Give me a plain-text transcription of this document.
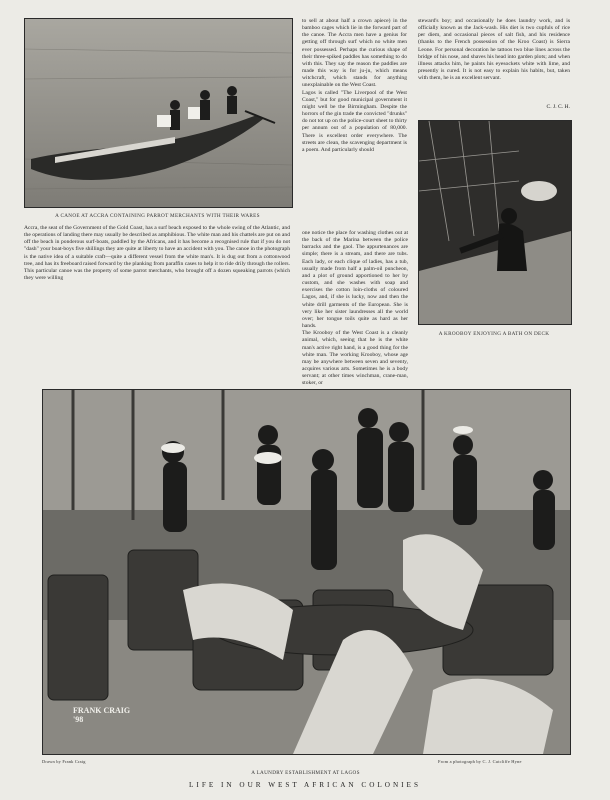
A CANOE AT ACCRA CONTAINING PARROT MERCHANTS WITH THEIR WARES
A KROOBOY ENJOYING A BATH ON DECK

Accra, the seat of the Government of the Gold Coast, has a surf beach exposed to the whole swing of the Atlantic, and the operations of landing there may usually be described as amphibious. The white man and his chattels are put on and off the beach in ponderous surf-boats, paddled by the Africans, and it has become a recognised rule that if you do not "dash" your boat-boys five shillings they are quite at liberty to have an accident with you. The canoe in the photograph is the native idea of a suitable craft—quite a different vessel from the white man's. It is dug out from a cottonwood tree, and has its freeboard raised forward by the planking from paraffin cases to help it to ride drily through the rollers. This particular canoe was the property of some parrot merchants, who brought off a dozen squeaking parrots (which they were willing

to sell at about half a crown apiece) in the bamboo cages which lie in the forward part of the canoe. The Accra men have a genius for getting off through surf which no white men ever possessed. Perhaps the curious shape of their three-spiked paddles has something to do with this. They say the reason the paddles are made this way is for ju-ju, which means witchcraft, which stands for anything unexplainable on the West Coast.
Lagos is called "The Liverpool of the West Coast," but for good municipal government it might well be the Birmingham. Despite the horrors of the gin trade the convicted "drunks" do not tot up on the police-court sheet to thirty per annum out of a population of 80,000. There is excellent order everywhere. The streets are clean, the scavenging department is a poem. And particularly should

one notice the place for washing clothes out at the back of the Marina between the police barracks and the gaol. The appurtenances are simple; there is a stream, and there are tubs. Each lady, or each clique of ladies, has a tub, usually made from half a palm-oil puncheon, and a plot of ground apportioned to her by custom, and she washes with soap and exercises the cotton loin-cloths of coloured Lagos, and, if she is lucky, now and then the white drill garments of the European. She is very like her sister laundresses all the world over; her tongue toils quite as hard as her hands.
The Krooboy of the West Coast is a cleanly animal, which, seeing that he is the white man's active right hand, is a good thing for the white man. The working Krooboy, whose age may be anywhere between seven and seventy, acquires various arts. Sometimes he is a body servant; at other times winchman, crane-man, stoker, or

steward's boy; and occasionally he does laundry work, and is officially known as the Jack-wash. His diet is two cupfuls of rice per diem, and occasional pieces of salt fish, and his residence (thanks to the French possession of the Kroo Coast) is Sierra Leone. For personal decoration he tattoos two blue lines across the bridge of his nose, and shaves his head into garden plots; and when illness attacks him, he paints his eyesockets white with lime, and presently is cured. It is not easy to explain his habits, but, taken with them, he is an excellent servant.

C. J. C. H.
FRANK CRAIG '98
Drawn by Frank Craig	From a photograph by C. J. Cutcliffe Hyne
A LAUNDRY ESTABLISHMENT AT LAGOS
LIFE IN OUR WEST AFRICAN COLONIES
